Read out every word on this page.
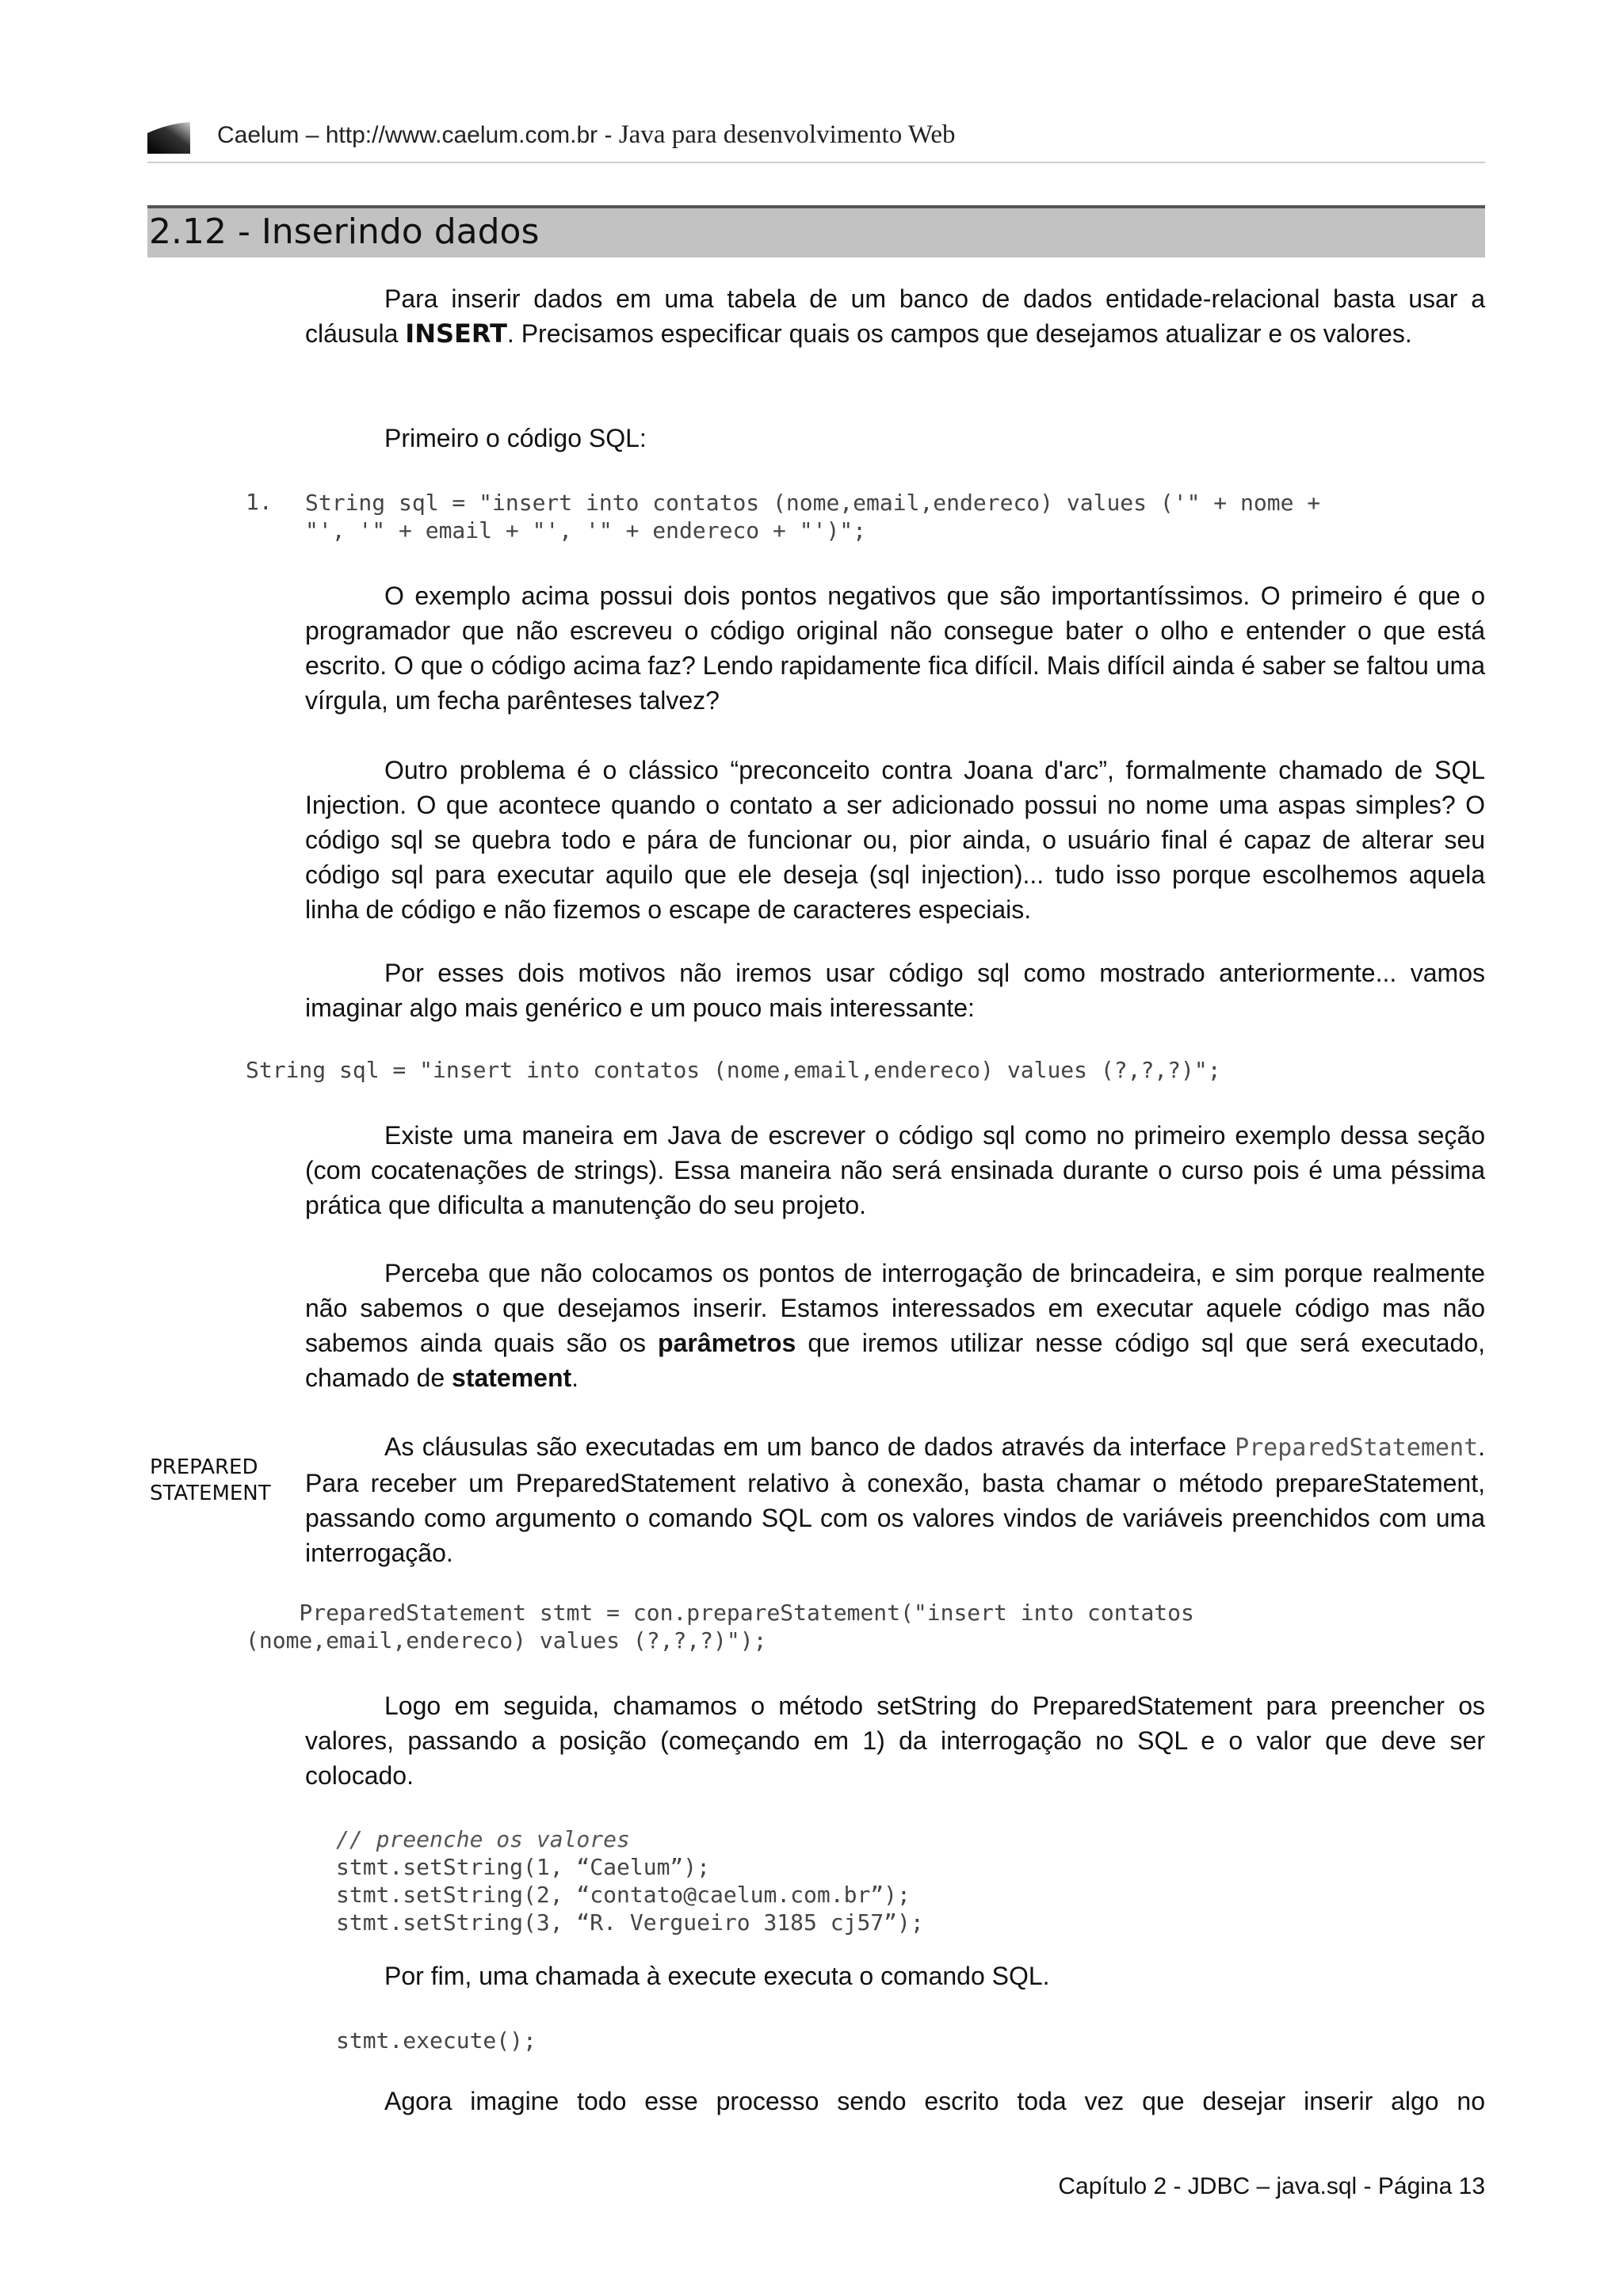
Caelum – http://www.caelum.com.br - Java para desenvolvimento Web
2.12 - Inserindo dados
Para inserir dados em uma tabela de um banco de dados entidade-relacional basta usar a cláusula INSERT. Precisamos especificar quais os campos que desejamos atualizar e os valores.
Primeiro o código SQL:
1. String sql = "insert into contatos (nome,email,endereco) values ('" + nome +
"', '" + email + "', '" + endereco + "')";
O exemplo acima possui dois pontos negativos que são importantíssimos. O primeiro é que o programador que não escreveu o código original não consegue bater o olho e entender o que está escrito. O que o código acima faz? Lendo rapidamente fica difícil. Mais difícil ainda é saber se faltou uma vírgula, um fecha parênteses talvez?
Outro problema é o clássico “preconceito contra Joana d'arc”, formalmente chamado de SQL Injection. O que acontece quando o contato a ser adicionado possui no nome uma aspas simples? O código sql se quebra todo e pára de funcionar ou, pior ainda, o usuário final é capaz de alterar seu código sql para executar aquilo que ele deseja (sql injection)... tudo isso porque escolhemos aquela linha de código e não fizemos o escape de caracteres especiais.
Por esses dois motivos não iremos usar código sql como mostrado anteriormente... vamos imaginar algo mais genérico e um pouco mais interessante:
String sql = "insert into contatos (nome,email,endereco) values (?,?,?)";
Existe uma maneira em Java de escrever o código sql como no primeiro exemplo dessa seção (com cocatenações de strings). Essa maneira não será ensinada durante o curso pois é uma péssima prática que dificulta a manutenção do seu projeto.
Perceba que não colocamos os pontos de interrogação de brincadeira, e sim porque realmente não sabemos o que desejamos inserir. Estamos interessados em executar aquele código mas não sabemos ainda quais são os parâmetros que iremos utilizar nesse código sql que será executado, chamado de statement.
PREPARED
STATEMENT
As cláusulas são executadas em um banco de dados através da interface PreparedStatement. Para receber um PreparedStatement relativo à conexão, basta chamar o método prepareStatement, passando como argumento o comando SQL com os valores vindos de variáveis preenchidos com uma interrogação.
PreparedStatement stmt = con.prepareStatement("insert into contatos
(nome,email,endereco) values (?,?,?)");
Logo em seguida, chamamos o método setString do PreparedStatement para preencher os valores, passando a posição (começando em 1) da interrogação no SQL e o valor que deve ser colocado.
// preenche os valores
stmt.setString(1, “Caelum”);
stmt.setString(2, “contato@caelum.com.br”);
stmt.setString(3, “R. Vergueiro 3185 cj57”);
Por fim, uma chamada à execute executa o comando SQL.
stmt.execute();
Agora imagine todo esse processo sendo escrito toda vez que desejar inserir algo no
Capítulo 2 - JDBC – java.sql - Página 13
